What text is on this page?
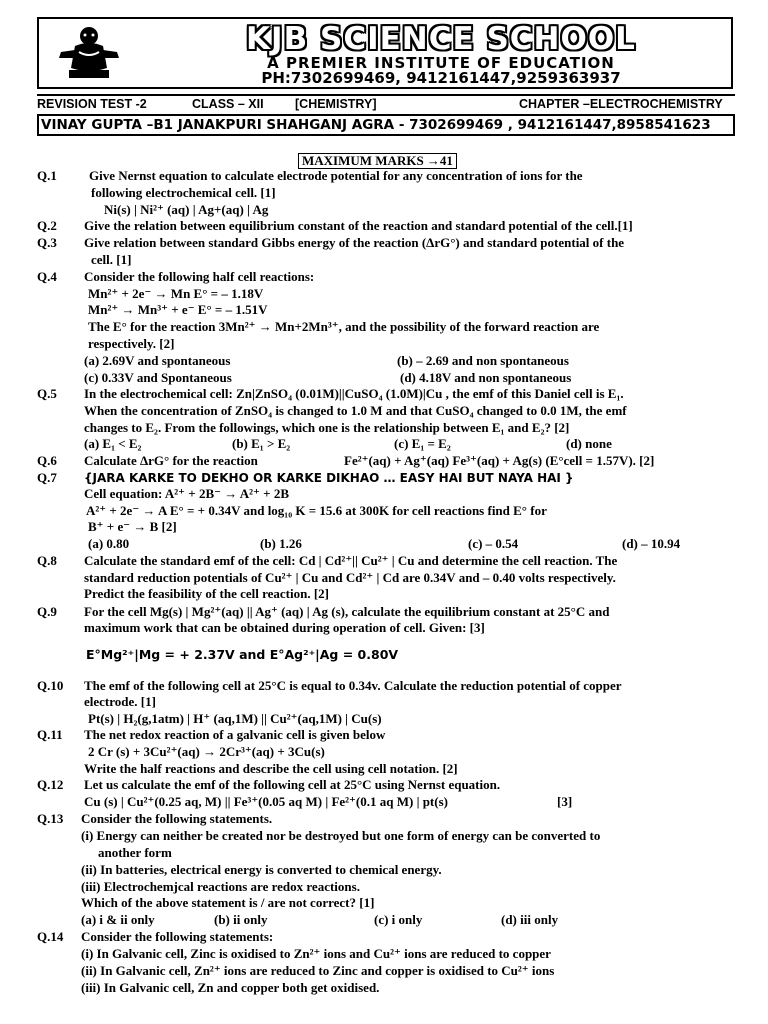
KJB SCIENCE SCHOOL
A PREMIER INSTITUTE OF EDUCATION
PH:7302699469, 9412161447,9259363937
REVISION TEST -2	CLASS – XII	[CHEMISTRY]	CHAPTER –ELECTROCHEMISTRY
VINAY GUPTA –B1 JANAKPURI SHAHGANJ AGRA - 7302699469 , 9412161447,8958541623
MAXIMUM MARKS →41
Q.1 Give Nernst equation to calculate electrode potential for any concentration of ions for the
following electrochemical cell. [1]
Ni(s) | Ni²⁺ (aq) | Ag+(aq) | Ag
Q.2 Give the relation between equilibrium constant of the reaction and standard potential of the cell.[1]
Q.3 Give relation between standard Gibbs energy of the reaction (ΔrG°) and standard potential of the
cell. [1]
Q.4 Consider the following half cell reactions:
Mn²⁺ + 2e⁻ → Mn E° = – 1.18V
Mn²⁺ → Mn³⁺ + e⁻ E° = – 1.51V
The E° for the reaction 3Mn²⁺ → Mn+2Mn³⁺, and the possibility of the forward reaction are
respectively. [2]
(a) 2.69V and spontaneous	(b) – 2.69 and non spontaneous
(c) 0.33V and Spontaneous	(d) 4.18V and non spontaneous
Q.5 In the electrochemical cell: Zn|ZnSO₄ (0.01M)||CuSO₄ (1.0M)|Cu , the emf of this Daniel cell is E₁.
When the concentration of ZnSO₄ is changed to 1.0 M and that CuSO₄ changed to 0.0 1M, the emf
changes to E₂. From the followings, which one is the relationship between E₁ and E₂? [2]
(a) E₁ < E₂	(b) E₁ > E₂	(c) E₁ = E₂	(d) none
Q.6 Calculate ΔrG° for the reaction	Fe²⁺(aq) + Ag⁺(aq) Fe³⁺(aq) + Ag(s) (E°cell = 1.57V). [2]
Q.7 {JARA KARKE TO DEKHO OR KARKE DIKHAO … EASY HAI BUT NAYA HAI }
Cell equation: A²⁺ + 2B⁻ → A²⁺ + 2B
A²⁺ + 2e⁻ → A E° = + 0.34V and log₁₀ K = 15.6 at 300K for cell reactions find E° for
B⁺ + e⁻ → B [2]
(a) 0.80	(b) 1.26	(c) – 0.54	(d) – 10.94
Q.8 Calculate the standard emf of the cell: Cd | Cd²⁺|| Cu²⁺ | Cu and determine the cell reaction. The
standard reduction potentials of Cu²⁺ | Cu and Cd²⁺ | Cd are 0.34V and – 0.40 volts respectively.
Predict the feasibility of the cell reaction. [2]
Q.9 For the cell Mg(s) | Mg²⁺(aq) || Ag⁺ (aq) | Ag (s), calculate the equilibrium constant at 25°C and
maximum work that can be obtained during operation of cell. Given: [3]
E°Mg²⁺|Mg = + 2.37V and E°Ag²⁺|Ag = 0.80V
Q.10 The emf of the following cell at 25°C is equal to 0.34v. Calculate the reduction potential of copper
electrode. [1]
Pt(s) | H₂(g,1atm) | H⁺ (aq,1M) || Cu²⁺(aq,1M) | Cu(s)
Q.11 The net redox reaction of a galvanic cell is given below
2 Cr (s) + 3Cu²⁺(aq) → 2Cr³⁺(aq) + 3Cu(s)
Write the half reactions and describe the cell using cell notation. [2]
Q.12 Let us calculate the emf of the following cell at 25°C using Nernst equation.
Cu (s) | Cu²⁺(0.25 aq, M) || Fe³⁺(0.05 aq M) | Fe²⁺(0.1 aq M) | pt(s)	[3]
Q.13 Consider the following statements.
(i) Energy can neither be created nor be destroyed but one form of energy can be converted to
another form
(ii) In batteries, electrical energy is converted to chemical energy.
(iii) Electrochemjcal reactions are redox reactions.
Which of the above statement is / are not correct? [1]
(a) i & ii only	(b) ii only	(c) i only	(d) iii only
Q.14 Consider the following statements:
(i) In Galvanic cell, Zinc is oxidised to Zn²⁺ ions and Cu²⁺ ions are reduced to copper
(ii) In Galvanic cell, Zn²⁺ ions are reduced to Zinc and copper is oxidised to Cu²⁺ ions
(iii) In Galvanic cell, Zn and copper both get oxidised.
